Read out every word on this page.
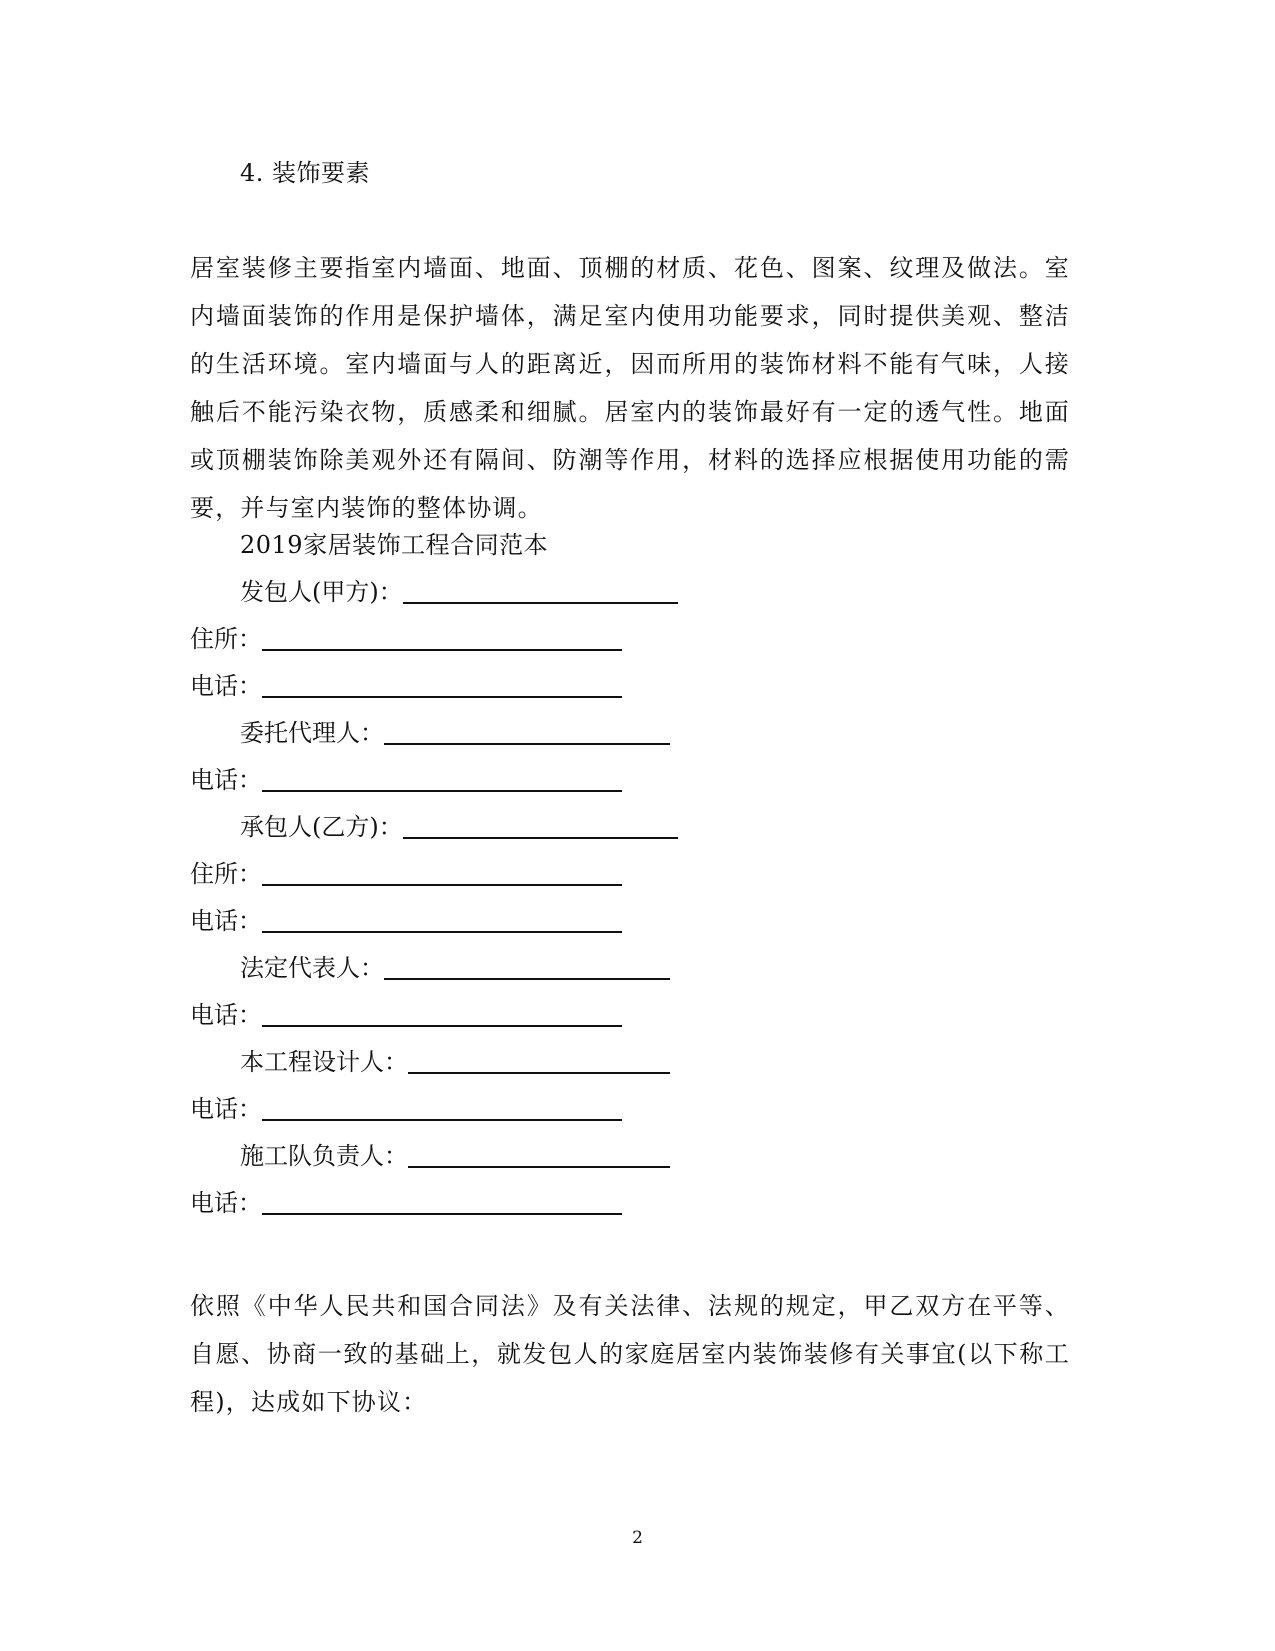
4. 装饰要素
居室装修主要指室内墙面、地面、顶棚的材质、花色、图案、纹理及做法。室内墙面装饰的作用是保护墙体，满足室内使用功能要求，同时提供美观、整洁的生活环境。室内墙面与人的距离近，因而所用的装饰材料不能有气味，人接触后不能污染衣物，质感柔和细腻。居室内的装饰最好有一定的透气性。地面或顶棚装饰除美观外还有隔间、防潮等作用，材料的选择应根据使用功能的需要，并与室内装饰的整体协调。
2019家居装饰工程合同范本
发包人(甲方)：
住所：
电话：
委托代理人：
电话：
承包人(乙方)：
住所：
电话：
法定代表人：
电话：
本工程设计人：
电话：
施工队负责人：
电话：
依照《中华人民共和国合同法》及有关法律、法规的规定，甲乙双方在平等、自愿、协商一致的基础上，就发包人的家庭居室内装饰装修有关事宜(以下称工程)，达成如下协议：
2
